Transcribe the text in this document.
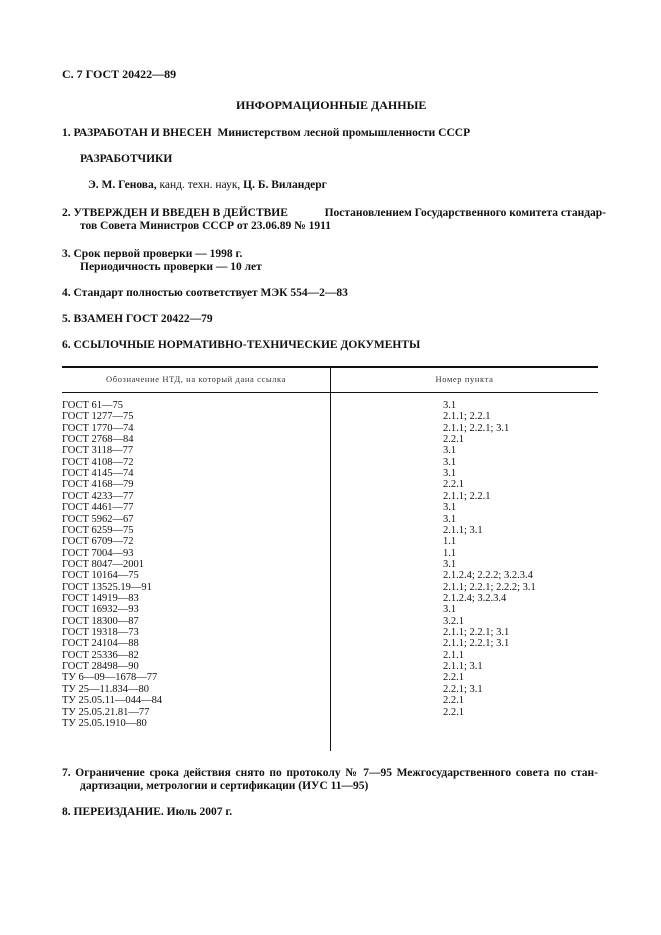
С. 7 ГОСТ 20422—89
ИНФОРМАЦИОННЫЕ ДАННЫЕ
1. РАЗРАБОТАН И ВНЕСЕН Министерством лесной промышленности СССР
РАЗРАБОТЧИКИ
Э. М. Генова, канд. техн. наук, Ц. Б. Виландерг
2. УТВЕРЖДЕН И ВВЕДЕН В ДЕЙСТВИЕ	Постановлением Государственного комитета стандар-
тов Совета Министров СССР от 23.06.89 № 1911
3. Срок первой проверки — 1998 г.
Периодичность проверки — 10 лет
4. Стандарт полностью соответствует МЭК 554—2—83
5. ВЗАМЕН ГОСТ 20422—79
6. ССЫЛОЧНЫЕ НОРМАТИВНО-ТЕХНИЧЕСКИЕ ДОКУМЕНТЫ
Обозначение НТД, на который дана ссылка	Номер пункта
ГОСТ 61—75	3.1
ГОСТ 1277—75	2.1.1; 2.2.1
ГОСТ 1770—74	2.1.1; 2.2.1; 3.1
ГОСТ 2768—84	2.2.1
ГОСТ 3118—77	3.1
ГОСТ 4108—72	3.1
ГОСТ 4145—74	3.1
ГОСТ 4168—79	2.2.1
ГОСТ 4233—77	2.1.1; 2.2.1
ГОСТ 4461—77	3.1
ГОСТ 5962—67	3.1
ГОСТ 6259—75	2.1.1; 3.1
ГОСТ 6709—72	1.1
ГОСТ 7004—93	1.1
ГОСТ 8047—2001	3.1
ГОСТ 10164—75	2.1.2.4; 2.2.2; 3.2.3.4
ГОСТ 13525.19—91	2.1.1; 2.2.1; 2.2.2; 3.1
ГОСТ 14919—83	2.1.2.4; 3.2.3.4
ГОСТ 16932—93	3.1
ГОСТ 18300—87	3.2.1
ГОСТ 19318—73	2.1.1; 2.2.1; 3.1
ГОСТ 24104—88	2.1.1; 2.2.1; 3.1
ГОСТ 25336—82	2.1.1
ГОСТ 28498—90	2.1.1; 3.1
ТУ 6—09—1678—77	2.2.1
ТУ 25—11.834—80	2.2.1; 3.1
ТУ 25.05.11—044—84	2.2.1
ТУ 25.05.21.81—77	2.2.1
ТУ 25.05.1910—80
7. Ограничение срока действия снято по протоколу № 7—95 Межгосударственного совета по стан-
дартизации, метрологии и сертификации (ИУС 11—95)
8. ПЕРЕИЗДАНИЕ. Июль 2007 г.
